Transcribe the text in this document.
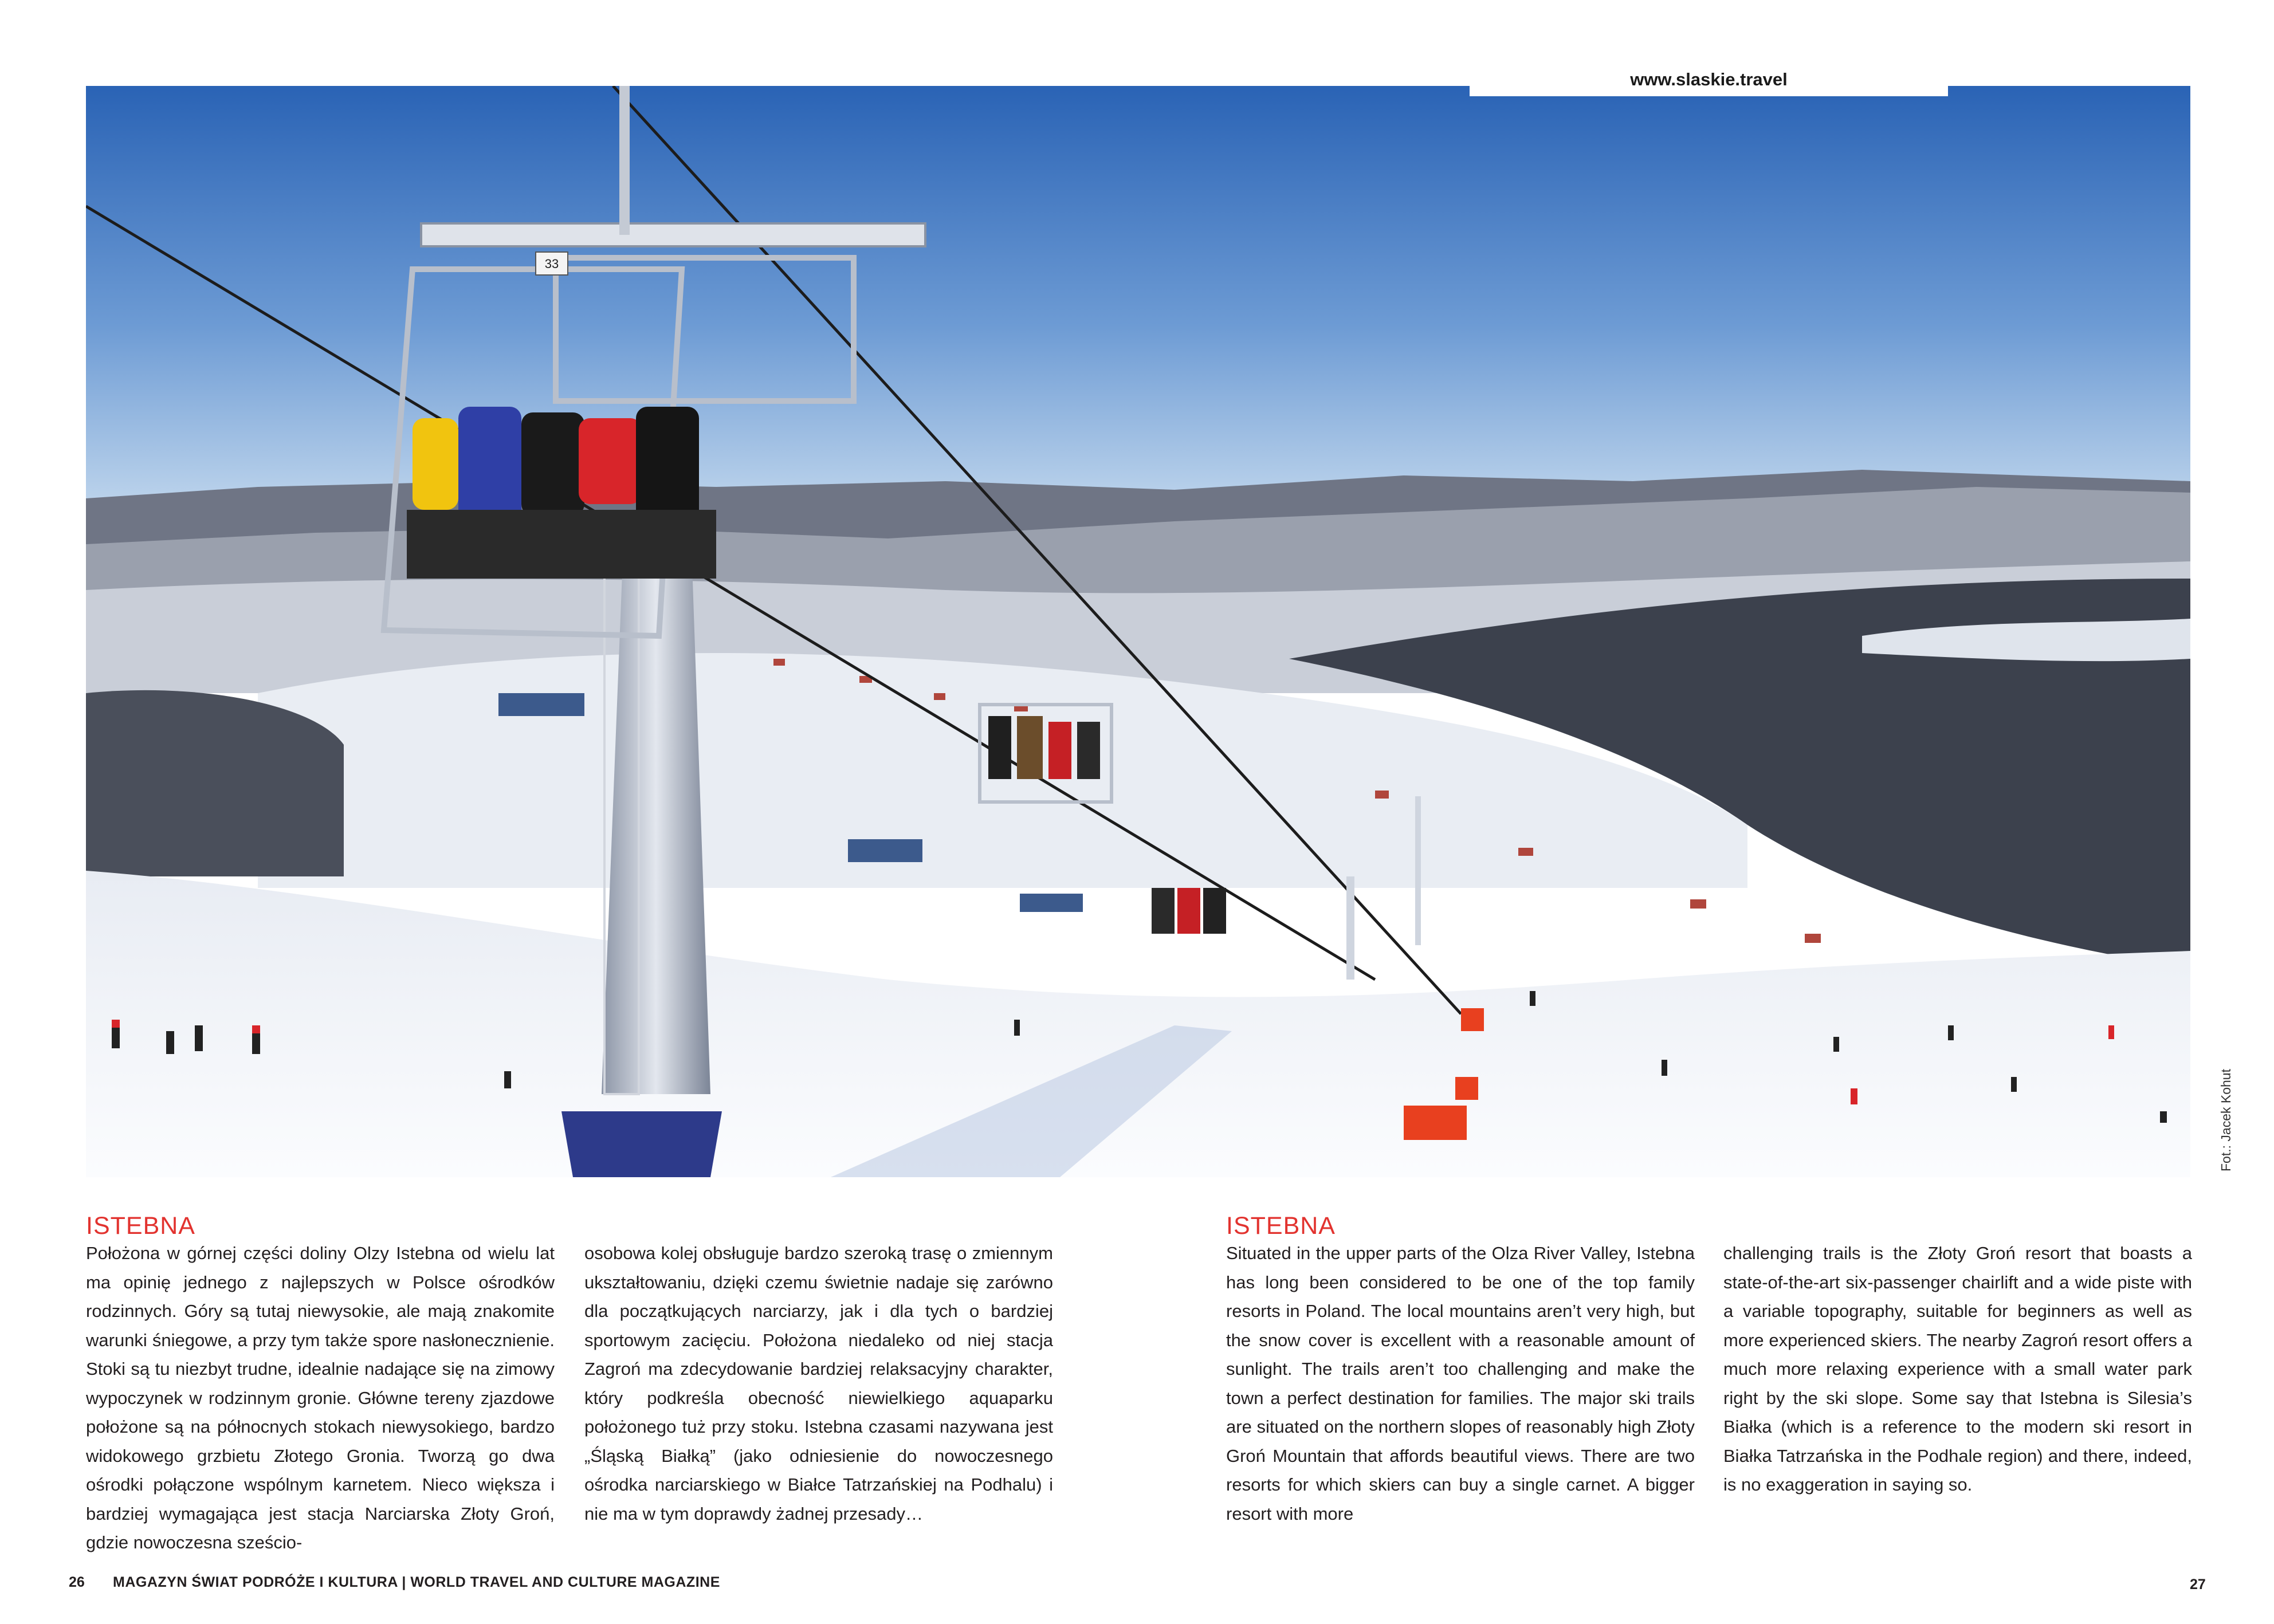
33
www.slaskie.travel
Fot.: Jacek Kohut
ISTEBNA
Położona w górnej części doliny Olzy Istebna od wielu lat ma opinię jednego z najlepszych w Polsce ośrodków rodzinnych. Góry są tutaj niewysokie, ale mają znakomite warunki śniegowe, a przy tym także spore nasłonecznienie. Stoki są tu niezbyt trudne, idealnie nadające się na zimowy wypoczynek w rodzinnym gronie. Główne tereny zjazdowe położone są na północnych stokach niewysokiego, bardzo widokowego grzbietu Złotego Gronia. Tworzą go dwa ośrodki połączone wspólnym karnetem. Nieco większa i bardziej wymagająca jest stacja Narciarska Złoty Groń, gdzie nowoczesna sześcio-
osobowa kolej obsługuje bardzo szeroką trasę o zmiennym ukształtowaniu, dzięki czemu świetnie nadaje się zarówno dla początkujących narciarzy, jak i dla tych o bardziej sportowym zacięciu. Położona niedaleko od niej stacja Zagroń ma zdecydowanie bardziej relaksacyjny charakter, który podkreśla obecność niewielkiego aquaparku położonego tuż przy stoku. Istebna czasami nazywana jest „Śląską Białką” (jako odniesienie do nowoczesnego ośrodka narciarskiego w Białce Tatrzańskiej na Podhalu) i nie ma w tym doprawdy żadnej przesady…
ISTEBNA
Situated in the upper parts of the Olza River Valley, Istebna has long been considered to be one of the top family resorts in Poland. The local mountains aren’t very high, but the snow cover is excellent with a reasonable amount of sunlight. The trails aren’t too challenging and make the town a perfect destination for families. The major ski trails are situated on the northern slopes of reasonably high Złoty Groń Mountain that affords beautiful views. There are two resorts for which skiers can buy a single carnet. A bigger resort with more
challenging trails is the Złoty Groń resort that boasts a state-of-the-art six-passenger chairlift and a wide piste with a variable topography, suitable for beginners as well as more experienced skiers. The nearby Zagroń resort offers a much more relaxing experience with a small water park right by the ski slope. Some say that Istebna is Silesia’s Białka (which is a reference to the modern ski resort in Białka Tatrzańska in the Podhale region) and there, indeed, is no exaggeration in saying so.
26 MAGAZYN ŚWIAT PODRÓŻE I KULTURA | WORLD TRAVEL AND CULTURE MAGAZINE	27
